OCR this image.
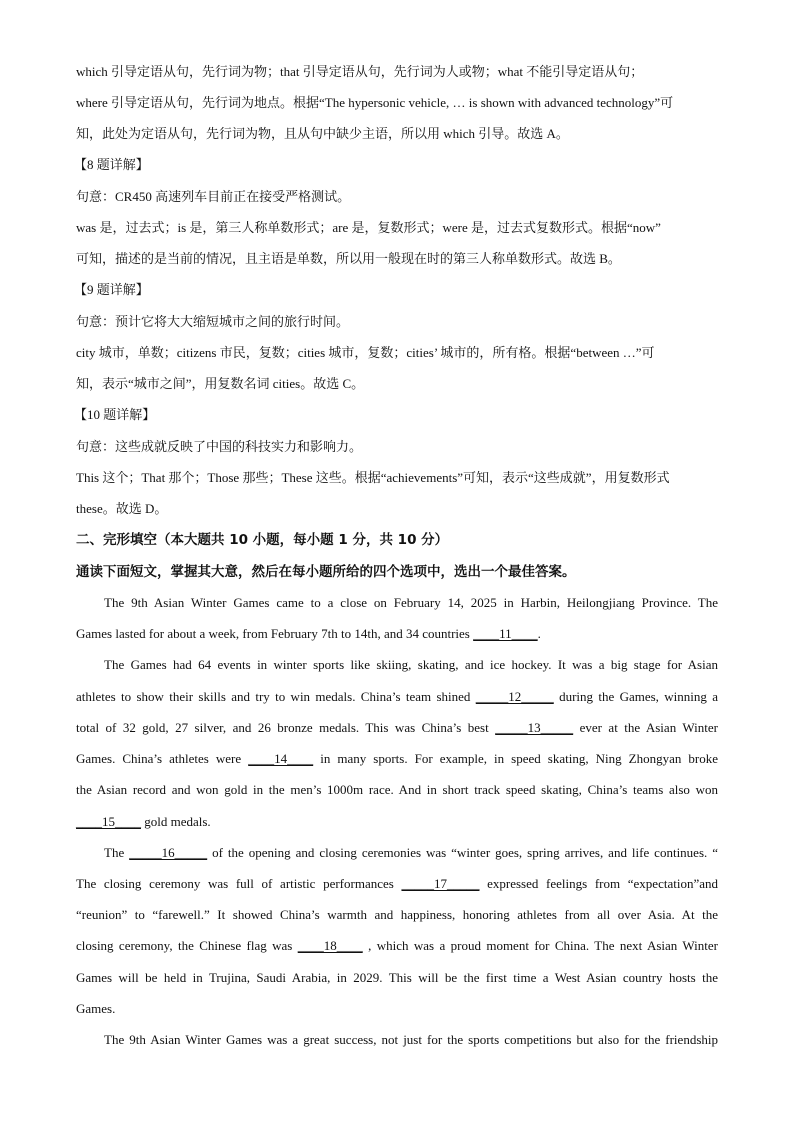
which 引导定语从句，先行词为物；that 引导定语从句，先行词为人或物；what 不能引导定语从句；
where 引导定语从句，先行词为地点。根据“The hypersonic vehicle, … is shown with advanced technology”可
知，此处为定语从句，先行词为物，且从句中缺少主语，所以用 which 引导。故选 A。
【8 题详解】
句意：CR450 高速列车目前正在接受严格测试。
was 是，过去式；is 是，第三人称单数形式；are 是，复数形式；were 是，过去式复数形式。根据“now”
可知，描述的是当前的情况，且主语是单数，所以用一般现在时的第三人称单数形式。故选 B。
【9 题详解】
句意：预计它将大大缩短城市之间的旅行时间。
city 城市，单数；citizens 市民，复数；cities 城市，复数；cities’ 城市的，所有格。根据“between …”可
知，表示“城市之间”，用复数名词 cities。故选 C。
【10 题详解】
句意：这些成就反映了中国的科技实力和影响力。
This 这个；That 那个；Those 那些；These 这些。根据“achievements”可知，表示“这些成就”，用复数形式
these。故选 D。
二、完形填空（本大题共 10 小题，每小题 1 分，共 10 分）
通读下面短文，掌握其大意，然后在每小题所给的四个选项中，选出一个最佳答案。
The 9th Asian Winter Games came to a close on February 14, 2025 in Harbin, Heilongjiang Province. The
Games lasted for about a week, from February 7th to 14th, and 34 countries ____11____.
The Games had 64 events in winter sports like skiing, skating, and ice hockey. It was a big stage for Asian
athletes to show their skills and try to win medals. China’s team shined _____12_____ during the Games, winning a
total of 32 gold, 27 silver, and 26 bronze medals. This was China’s best _____13_____ ever at the Asian Winter
Games. China’s athletes were ____14____ in many sports. For example, in speed skating, Ning Zhongyan broke
the Asian record and won gold in the men’s 1000m race. And in short track speed skating, China’s teams also won
____15____ gold medals.
The _____16_____ of the opening and closing ceremonies was “winter goes, spring arrives, and life continues. “
The closing ceremony was full of artistic performances _____17_____ expressed feelings from “expectation”and
“reunion” to “farewell.” It showed China’s warmth and happiness, honoring athletes from all over Asia. At the
closing ceremony, the Chinese flag was ____18____ , which was a proud moment for China. The next Asian Winter
Games will be held in Trujina, Saudi Arabia, in 2029. This will be the first time a West Asian country hosts the
Games.
The 9th Asian Winter Games was a great success, not just for the sports competitions but also for the friendship
